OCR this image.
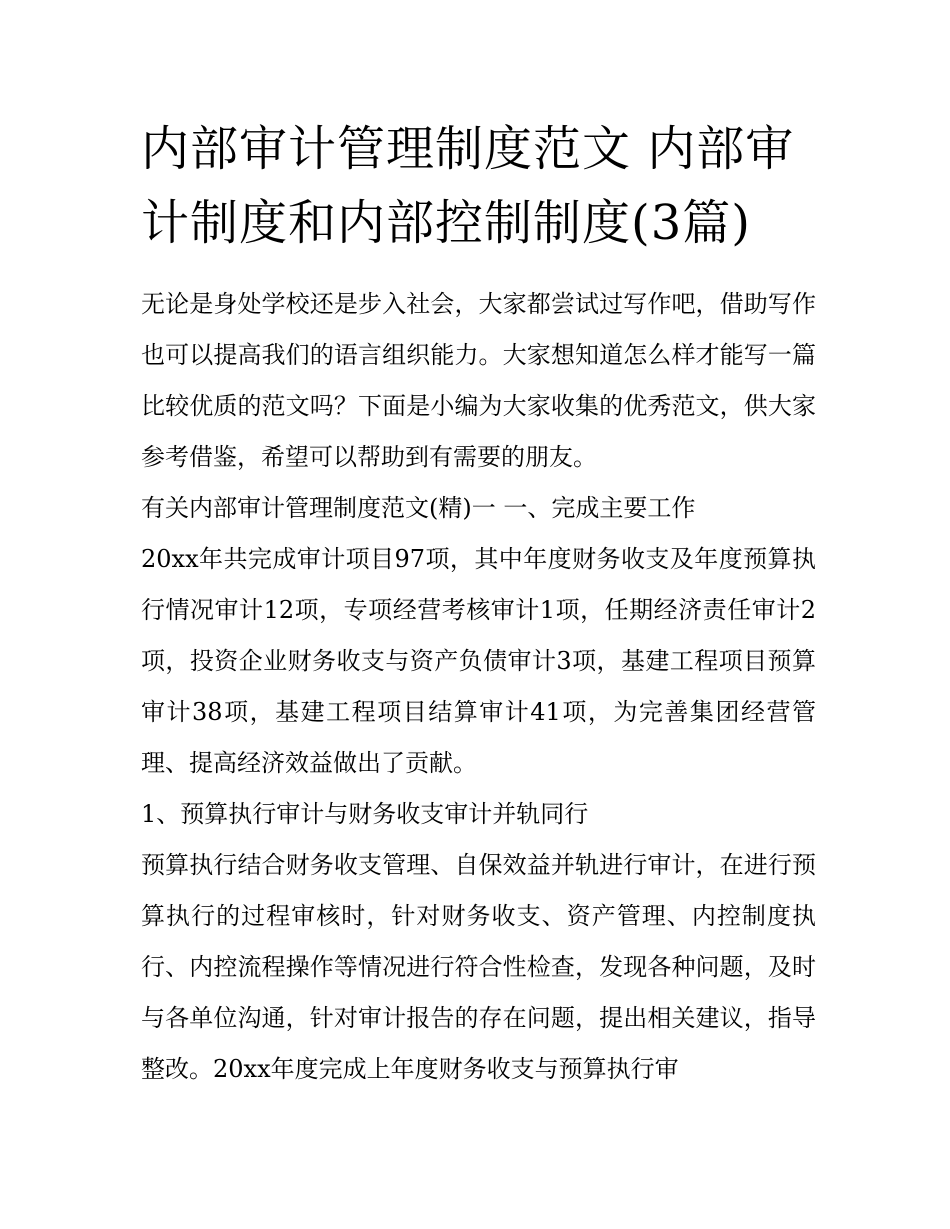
内部审计管理制度范文 内部审计制度和内部控制制度(3篇)

无论是身处学校还是步入社会，大家都尝试过写作吧，借助写作也可以提高我们的语言组织能力。大家想知道怎么样才能写一篇比较优质的范文吗？下面是小编为大家收集的优秀范文，供大家参考借鉴，希望可以帮助到有需要的朋友。

有关内部审计管理制度范文(精)一 一、完成主要工作

20xx年共完成审计项目97项，其中年度财务收支及年度预算执行情况审计12项，专项经营考核审计1项，任期经济责任审计2项，投资企业财务收支与资产负债审计3项，基建工程项目预算审计38项，基建工程项目结算审计41项，为完善集团经营管理、提高经济效益做出了贡献。

1、预算执行审计与财务收支审计并轨同行

预算执行结合财务收支管理、自保效益并轨进行审计，在进行预算执行的过程审核时，针对财务收支、资产管理、内控制度执行、内控流程操作等情况进行符合性检查，发现各种问题，及时与各单位沟通，针对审计报告的存在问题，提出相关建议，指导整改。20xx年度完成上年度财务收支与预算执行审
